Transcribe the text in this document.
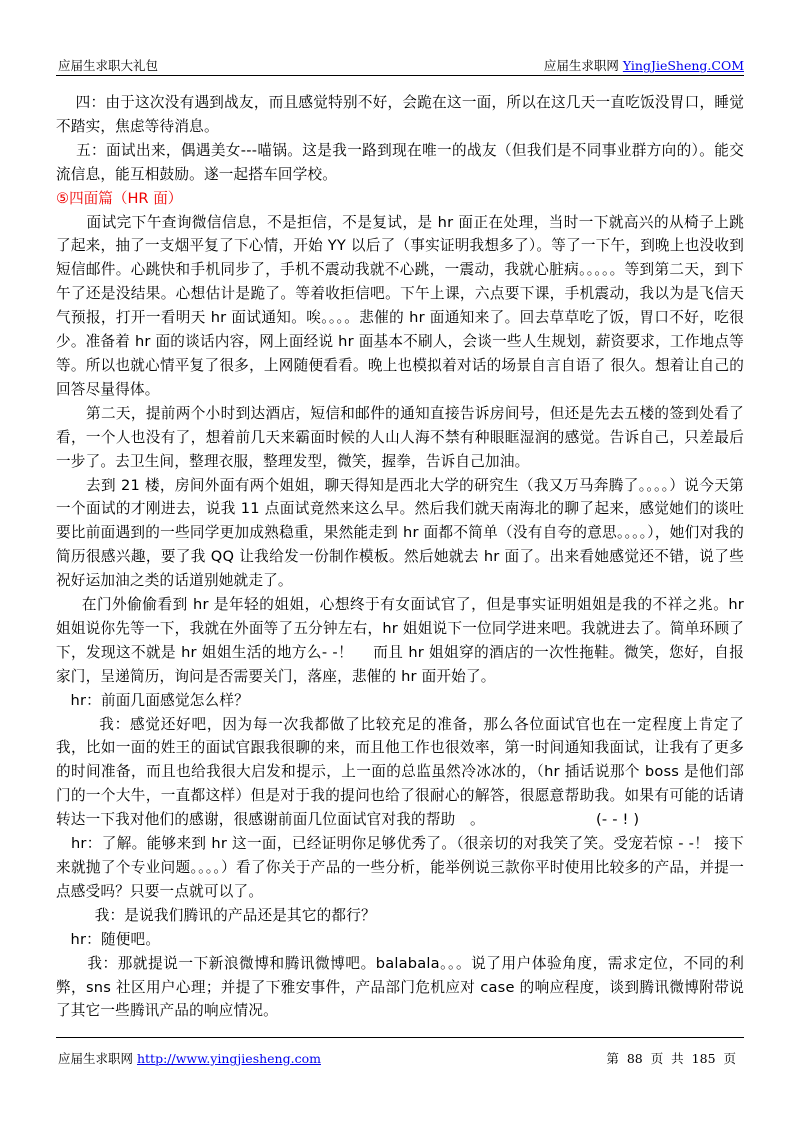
应届生求职大礼包	应届生求职网 YingJieSheng.COM

四：由于这次没有遇到战友，而且感觉特别不好，会跪在这一面，所以在这几天一直吃饭没胃口，睡觉不踏实，焦虑等待消息。

五：面试出来，偶遇美女---喵锅。这是我一路到现在唯一的战友（但我们是不同事业群方向的）。能交流信息，能互相鼓励。遂一起搭车回学校。

⑤四面篇（HR 面）

面试完下午查询微信信息，不是拒信，不是复试，是 hr 面正在处理，当时一下就高兴的从椅子上跳了起来，抽了一支烟平复了下心情，开始 YY 以后了（事实证明我想多了）。等了一下午，到晚上也没收到短信邮件。心跳快和手机同步了，手机不震动我就不心跳，一震动，我就心脏病。。。。。等到第二天，到下午了还是没结果。心想估计是跪了。等着收拒信吧。下午上课，六点要下课，手机震动，我以为是飞信天气预报，打开一看明天 hr 面试通知。唉。。。。悲催的 hr 面通知来了。回去草草吃了饭，胃口不好，吃很少。准备着 hr 面的谈话内容，网上面经说 hr 面基本不刷人，会谈一些人生规划，薪资要求，工作地点等等。所以也就心情平复了很多，上网随便看看。晚上也模拟着对话的场景自言自语了 很久。想着让自己的回答尽量得体。

第二天，提前两个小时到达酒店，短信和邮件的通知直接告诉房间号，但还是先去五楼的签到处看了看，一个人也没有了，想着前几天来霸面时候的人山人海不禁有种眼眶湿润的感觉。告诉自己，只差最后一步了。去卫生间，整理衣服，整理发型，微笑，握拳，告诉自己加油。

去到 21 楼，房间外面有两个姐姐，聊天得知是西北大学的研究生（我又万马奔腾了。。。。）说今天第一个面试的才刚进去，说我 11 点面试竟然来这么早。然后我们就天南海北的聊了起来，感觉她们的谈吐要比前面遇到的一些同学更加成熟稳重，果然能走到 hr 面都不简单（没有自夸的意思。。。。），她们对我的简历很感兴趣，要了我 QQ 让我给发一份制作模板。然后她就去 hr 面了。出来看她感觉还不错，说了些祝好运加油之类的话道别她就走了。

在门外偷偷看到 hr 是年轻的姐姐，心想终于有女面试官了，但是事实证明姐姐是我的不祥之兆。hr 姐姐说你先等一下，我就在外面等了五分钟左右，hr 姐姐说下一位同学进来吧。我就进去了。简单环顾了下，发现这不就是 hr 姐姐生活的地方么- -！    而且 hr 姐姐穿的酒店的一次性拖鞋。微笑，您好，自报家门，呈递简历，询问是否需要关门，落座，悲催的 hr 面开始了。

hr：前面几面感觉怎么样？

我：感觉还好吧，因为每一次我都做了比较充足的准备，那么各位面试官也在一定程度上肯定了我，比如一面的姓王的面试官跟我很聊的来，而且他工作也很效率，第一时间通知我面试，让我有了更多的时间准备，而且也给我很大启发和提示，上一面的总监虽然冷冰冰的，（hr 插话说那个 boss 是他们部门的一个大牛，一直都这样）但是对于我的提问也给了很耐心的解答，很愿意帮助我。如果有可能的话请转达一下我对他们的感谢，很感谢前面几位面试官对我的帮助   。                       (- - ! )

hr：了解。能够来到 hr 这一面，已经证明你足够优秀了。（很亲切的对我笑了笑。受宠若惊 - -！ 接下来就抛了个专业问题。。。。）看了你关于产品的一些分析，能举例说三款你平时使用比较多的产品，并提一点感受吗？只要一点就可以了。

我：是说我们腾讯的产品还是其它的都行？

hr：随便吧。

我：那就提说一下新浪微博和腾讯微博吧。balabala。。。说了用户体验角度，需求定位，不同的利弊，sns 社区用户心理；并提了下雅安事件，产品部门危机应对 case 的响应程度，谈到腾讯微博附带说了其它一些腾讯产品的响应情况。

应届生求职网 http://www.yingjiesheng.com	第 88 页 共 185 页
